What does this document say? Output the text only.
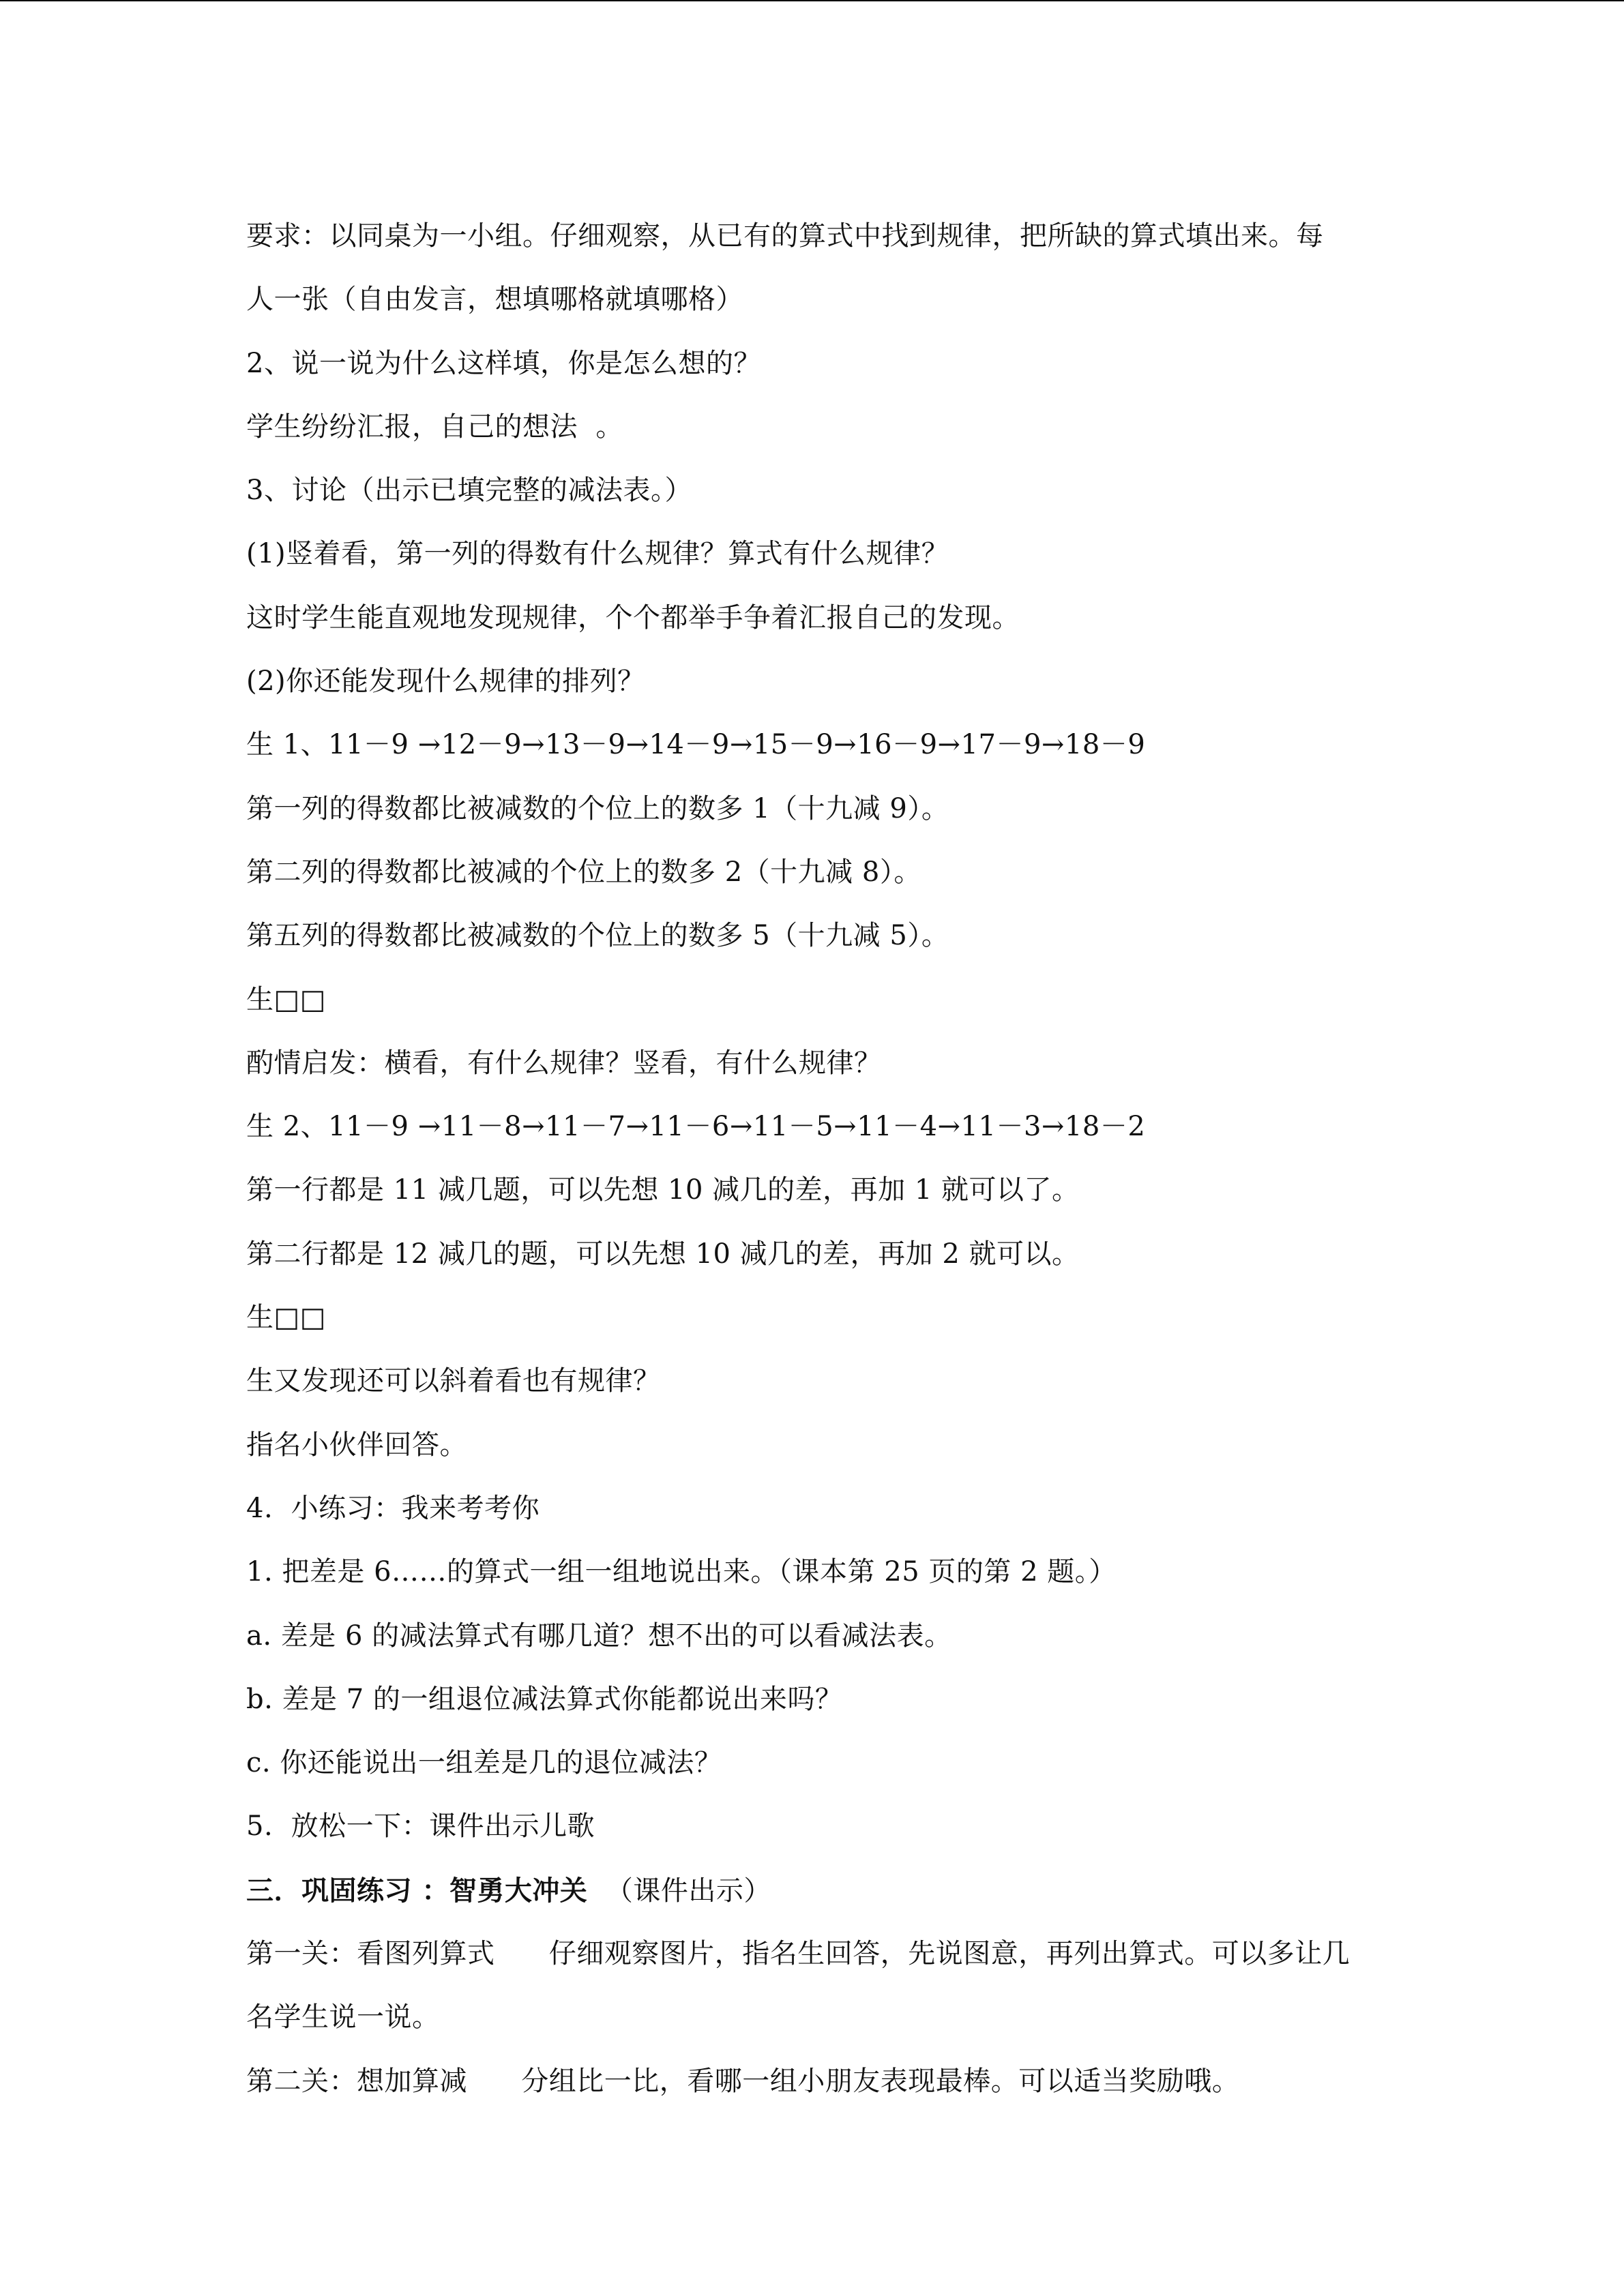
要求：以同桌为一小组。仔细观察，从已有的算式中找到规律，把所缺的算式填出来。每
人一张（自由发言，想填哪格就填哪格）
2、说一说为什么这样填，你是怎么想的？
学生纷纷汇报，自己的想法  。
3、讨论（出示已填完整的减法表。）
(1)竖着看，第一列的得数有什么规律？算式有什么规律？
这时学生能直观地发现规律，个个都举手争着汇报自己的发现。
(2)你还能发现什么规律的排列？
生 1、11－9 →12－9→13－9→14－9→15－9→16－9→17－9→18－9
第一列的得数都比被减数的个位上的数多 1（十九减 9）。
第二列的得数都比被减的个位上的数多 2（十九减 8）。
第五列的得数都比被减数的个位上的数多 5（十九减 5）。
生□□
酌情启发：横看，有什么规律？竖看，有什么规律？
生 2、11－9 →11－8→11－7→11－6→11－5→11－4→11－3→18－2
第一行都是 11 减几题，可以先想 10 减几的差，再加 1 就可以了。
第二行都是 12 减几的题，可以先想 10 减几的差，再加 2 就可以。
生□□
生又发现还可以斜着看也有规律？
指名小伙伴回答。
4.  小练习：我来考考你
1. 把差是 6……的算式一组一组地说出来。（课本第 25 页的第 2 题。）
a. 差是 6 的减法算式有哪几道？想不出的可以看减法表。
b. 差是 7 的一组退位减法算式你能都说出来吗？
c. 你还能说出一组差是几的退位减法？
5.  放松一下：课件出示儿歌
三．巩固练习 ：智勇大冲关  （课件出示）
第一关：看图列算式      仔细观察图片，指名生回答，先说图意，再列出算式。可以多让几
名学生说一说。
第二关：想加算减      分组比一比，看哪一组小朋友表现最棒。可以适当奖励哦。
